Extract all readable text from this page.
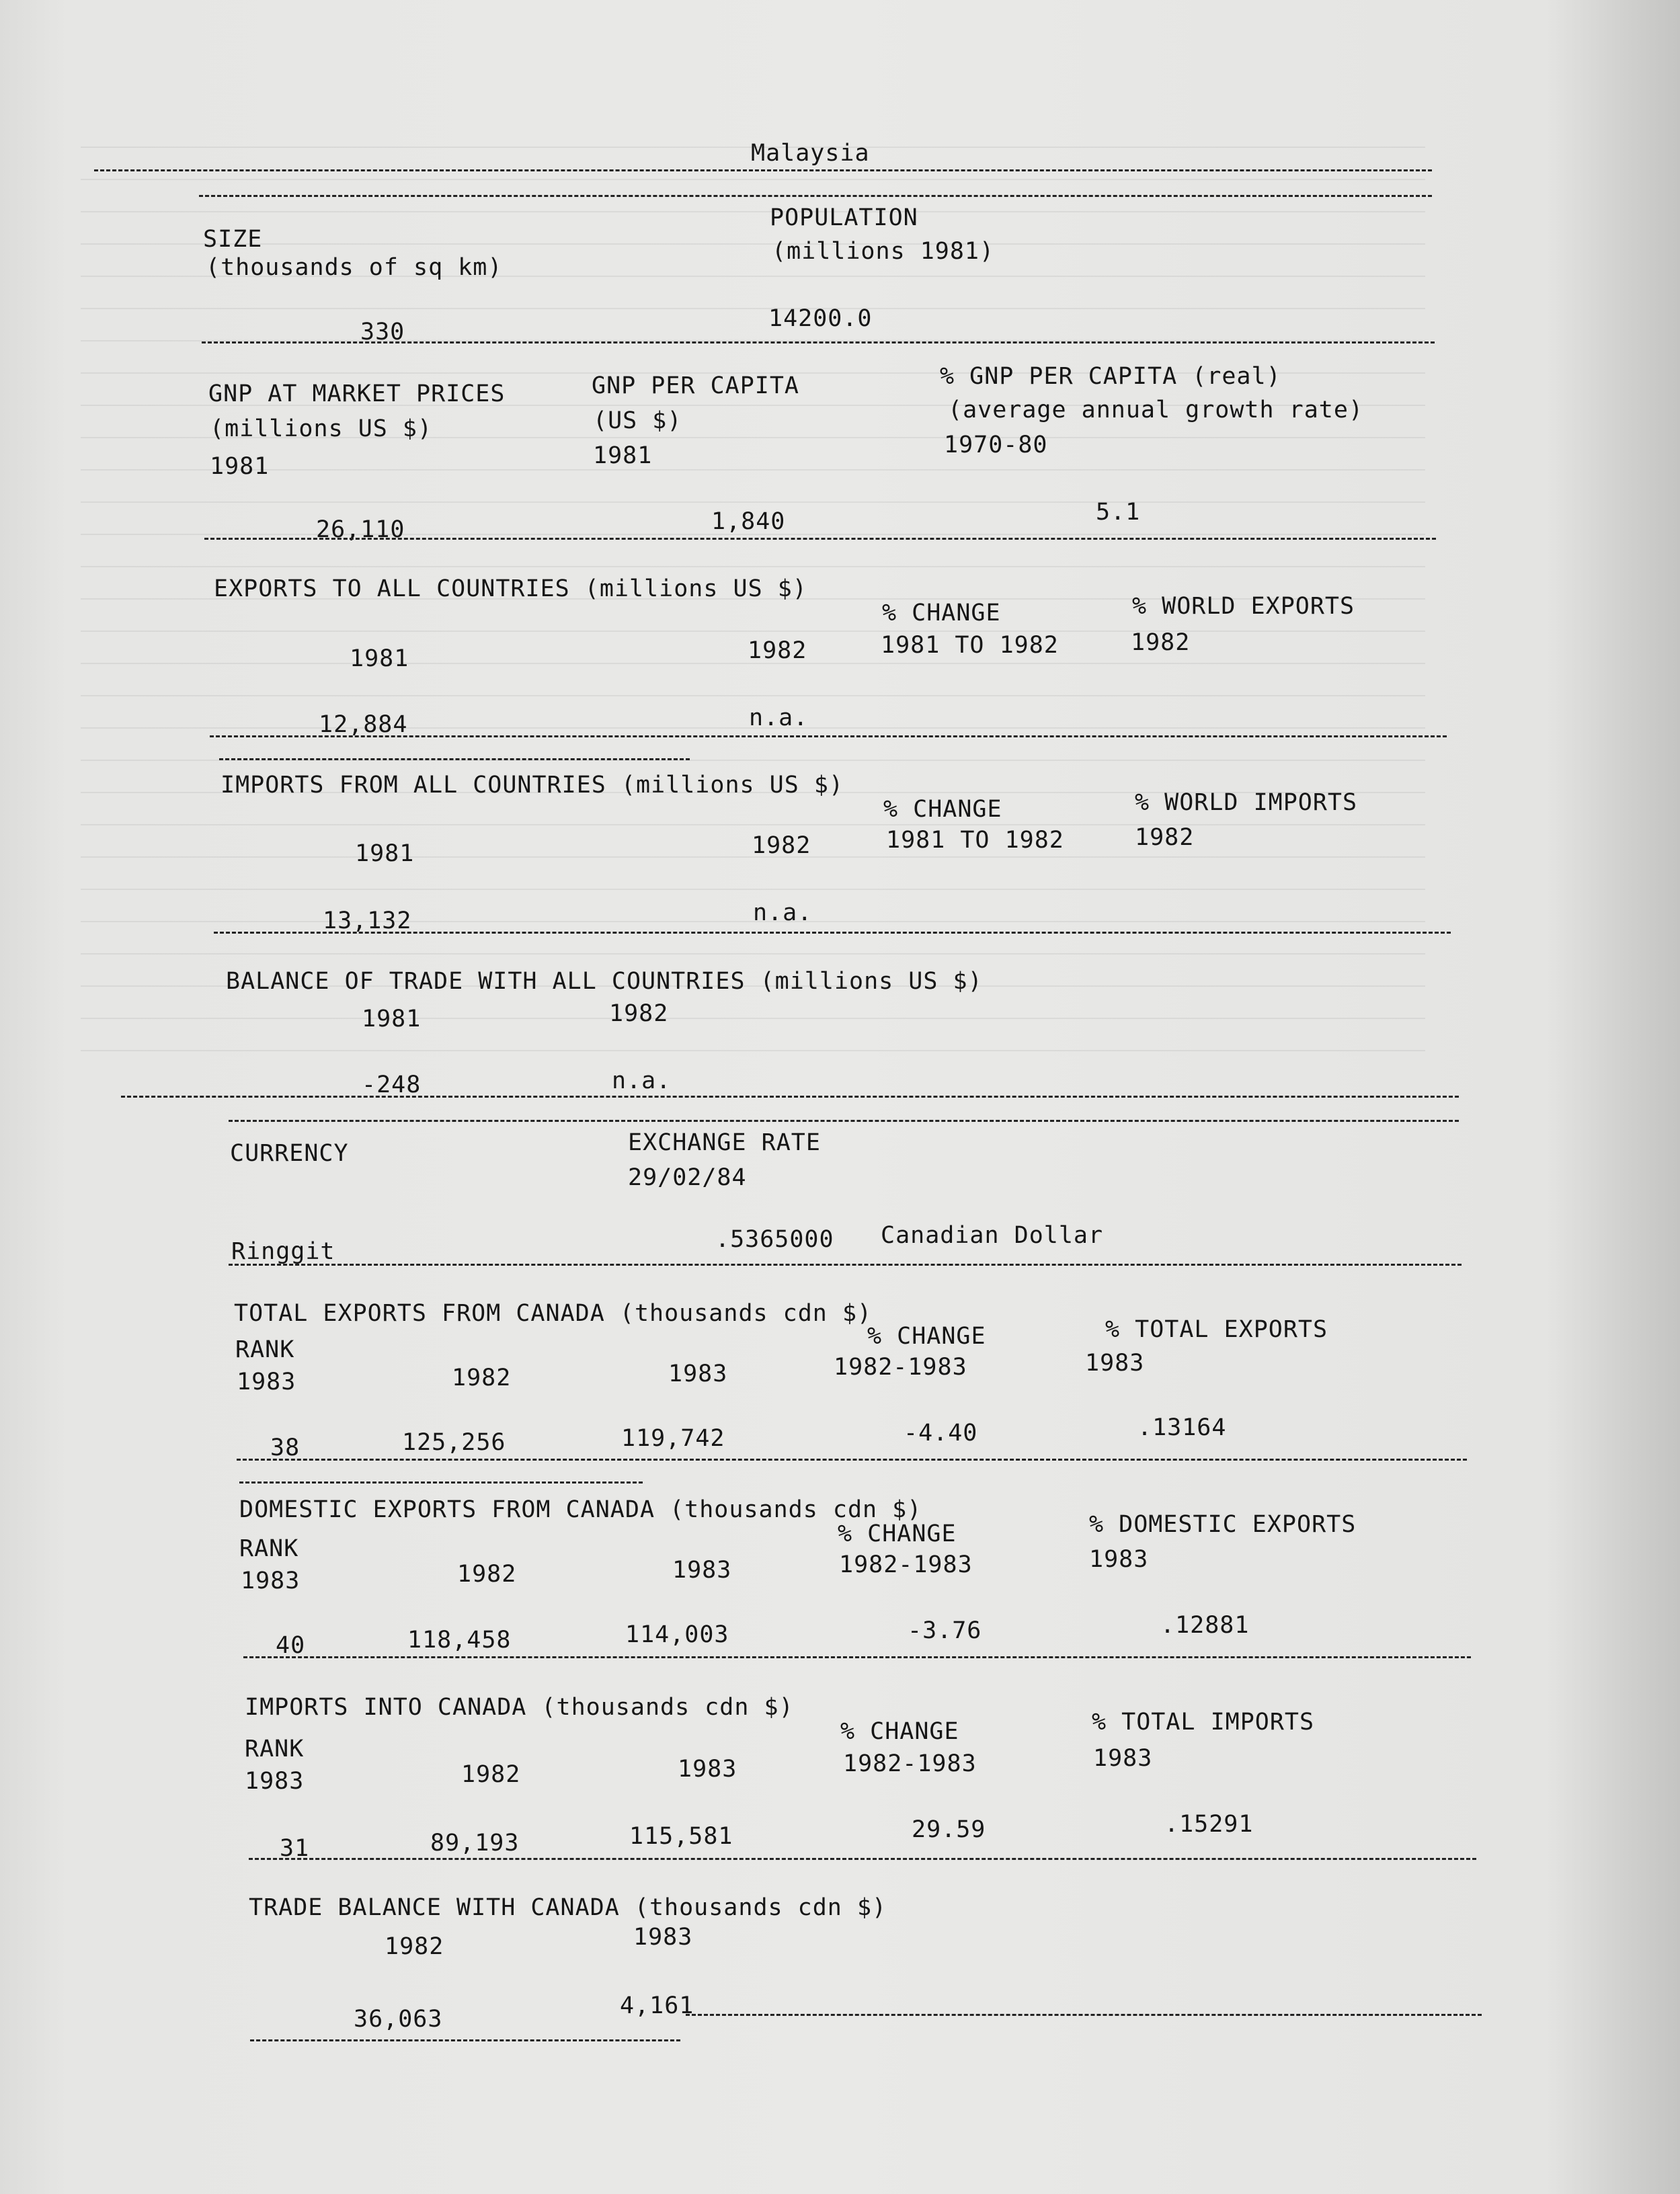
Malaysia
SIZE
(thousands of sq km)
POPULATION
(millions 1981)
330	14200.0
GNP AT MARKET PRICES
(millions US $)
1981
GNP PER CAPITA
(US $)
1981
% GNP PER CAPITA (real)
(average annual growth rate)
1970-80
26,110	1,840	5.1
EXPORTS TO ALL COUNTRIES (millions US $)
% CHANGE	% WORLD EXPORTS
1981	1982	1981 TO 1982	1982
12,884	n.a.
IMPORTS FROM ALL COUNTRIES (millions US $)
% CHANGE	% WORLD IMPORTS
1981	1982	1981 TO 1982	1982
13,132	n.a.
BALANCE OF TRADE WITH ALL COUNTRIES (millions US $)
1981	1982
-248	n.a.
CURRENCY	EXCHANGE RATE
29/02/84
Ringgit	.5365000 Canadian Dollar
TOTAL EXPORTS FROM CANADA (thousands cdn $)
% CHANGE	% TOTAL EXPORTS
RANK
1983	1982	1983	1982-1983	1983
38	125,256	119,742	-4.40	.13164
DOMESTIC EXPORTS FROM CANADA (thousands cdn $)
% CHANGE	% DOMESTIC EXPORTS
RANK
1983	1982	1983	1982-1983	1983
40	118,458	114,003	-3.76	.12881
IMPORTS INTO CANADA (thousands cdn $)
% CHANGE	% TOTAL IMPORTS
RANK
1983	1982	1983	1982-1983	1983
31	89,193	115,581	29.59	.15291
TRADE BALANCE WITH CANADA (thousands cdn $)
1982	1983
36,063	4,161
